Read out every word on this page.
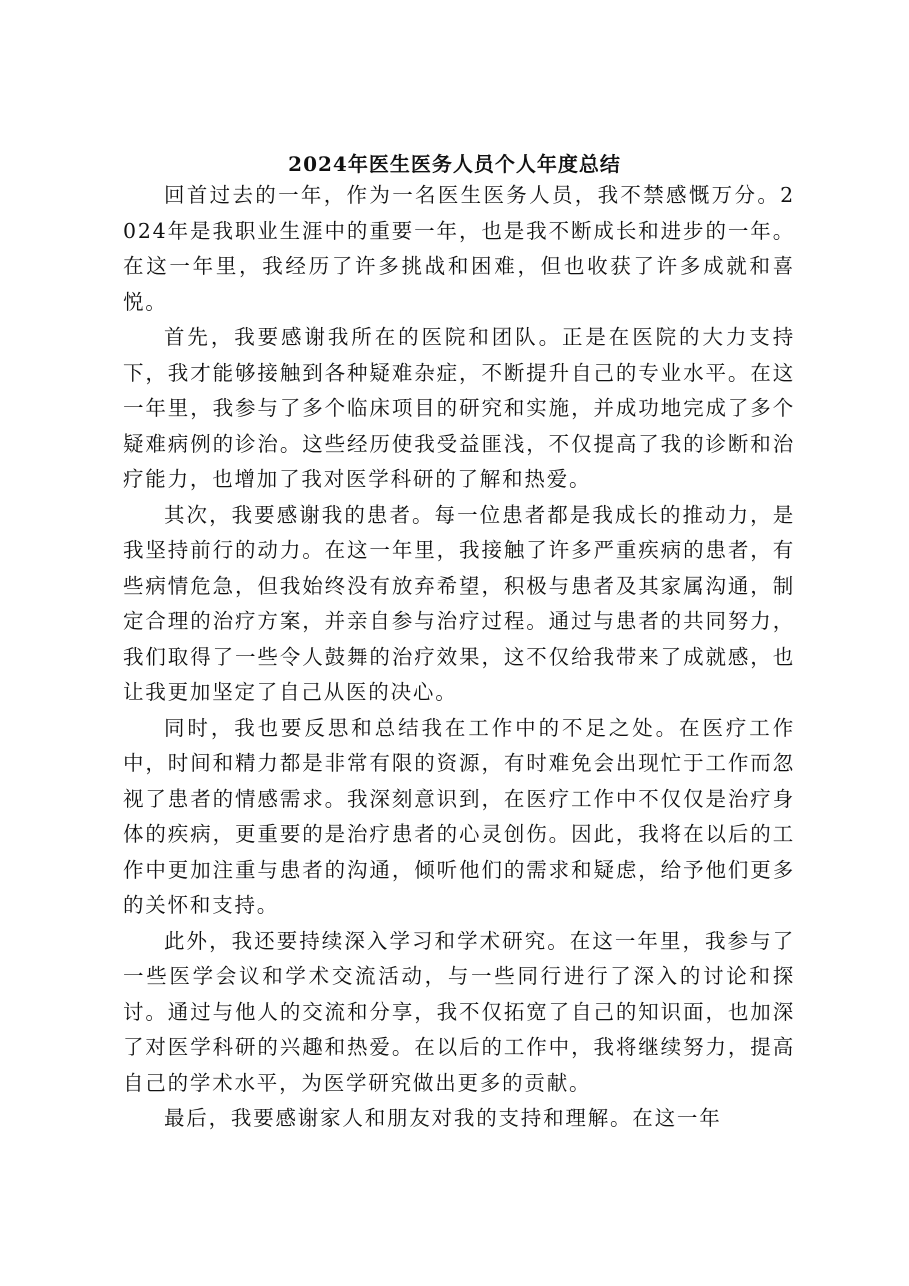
2024年医生医务人员个人年度总结

回首过去的一年，作为一名医生医务人员，我不禁感慨万分。2024年是我职业生涯中的重要一年，也是我不断成长和进步的一年。在这一年里，我经历了许多挑战和困难，但也收获了许多成就和喜悦。

首先，我要感谢我所在的医院和团队。正是在医院的大力支持下，我才能够接触到各种疑难杂症，不断提升自己的专业水平。在这一年里，我参与了多个临床项目的研究和实施，并成功地完成了多个疑难病例的诊治。这些经历使我受益匪浅，不仅提高了我的诊断和治疗能力，也增加了我对医学科研的了解和热爱。

其次，我要感谢我的患者。每一位患者都是我成长的推动力，是我坚持前行的动力。在这一年里，我接触了许多严重疾病的患者，有些病情危急，但我始终没有放弃希望，积极与患者及其家属沟通，制定合理的治疗方案，并亲自参与治疗过程。通过与患者的共同努力，我们取得了一些令人鼓舞的治疗效果，这不仅给我带来了成就感，也让我更加坚定了自己从医的决心。

同时，我也要反思和总结我在工作中的不足之处。在医疗工作中，时间和精力都是非常有限的资源，有时难免会出现忙于工作而忽视了患者的情感需求。我深刻意识到，在医疗工作中不仅仅是治疗身体的疾病，更重要的是治疗患者的心灵创伤。因此，我将在以后的工作中更加注重与患者的沟通，倾听他们的需求和疑虑，给予他们更多的关怀和支持。

此外，我还要持续深入学习和学术研究。在这一年里，我参与了一些医学会议和学术交流活动，与一些同行进行了深入的讨论和探讨。通过与他人的交流和分享，我不仅拓宽了自己的知识面，也加深了对医学科研的兴趣和热爱。在以后的工作中，我将继续努力，提高自己的学术水平，为医学研究做出更多的贡献。

最后，我要感谢家人和朋友对我的支持和理解。在这一年
